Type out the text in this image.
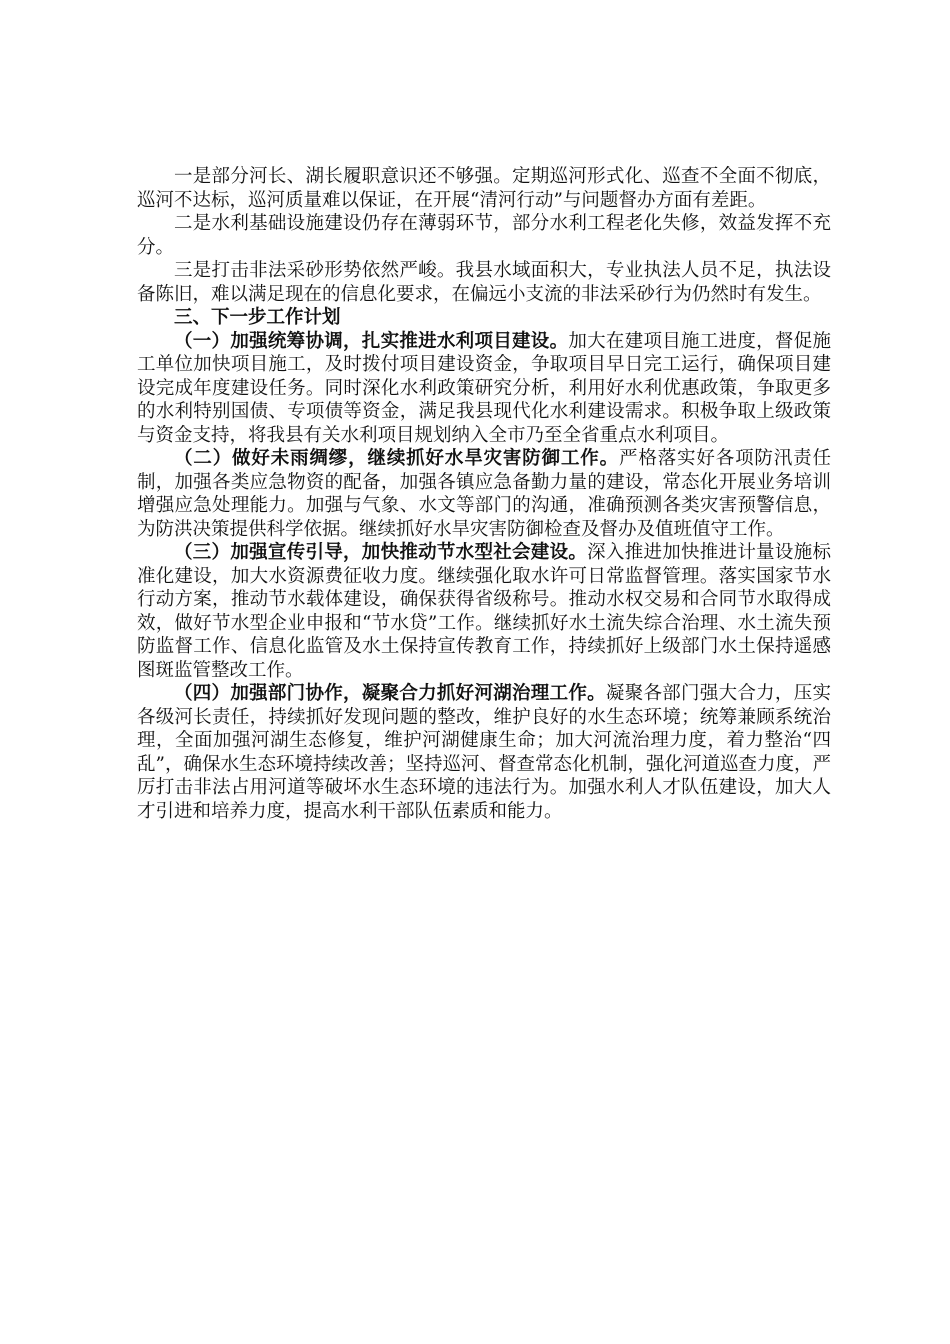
一是部分河长、湖长履职意识还不够强。定期巡河形式化、巡查不全面不彻底，巡河不达标，巡河质量难以保证，在开展“清河行动”与问题督办方面有差距。

二是水利基础设施建设仍存在薄弱环节，部分水利工程老化失修，效益发挥不充分。

三是打击非法采砂形势依然严峻。我县水域面积大，专业执法人员不足，执法设备陈旧，难以满足现在的信息化要求，在偏远小支流的非法采砂行为仍然时有发生。

三、下一步工作计划

（一）加强统筹协调，扎实推进水利项目建设。加大在建项目施工进度，督促施工单位加快项目施工，及时拨付项目建设资金，争取项目早日完工运行，确保项目建设完成年度建设任务。同时深化水利政策研究分析，利用好水利优惠政策，争取更多的水利特别国债、专项债等资金，满足我县现代化水利建设需求。积极争取上级政策与资金支持，将我县有关水利项目规划纳入全市乃至全省重点水利项目。

（二）做好未雨绸缪，继续抓好水旱灾害防御工作。严格落实好各项防汛责任制，加强各类应急物资的配备，加强各镇应急备勤力量的建设，常态化开展业务培训增强应急处理能力。加强与气象、水文等部门的沟通，准确预测各类灾害预警信息，为防洪决策提供科学依据。继续抓好水旱灾害防御检查及督办及值班值守工作。

（三）加强宣传引导，加快推动节水型社会建设。深入推进加快推进计量设施标准化建设，加大水资源费征收力度。继续强化取水许可日常监督管理。落实国家节水行动方案，推动节水载体建设，确保获得省级称号。推动水权交易和合同节水取得成效，做好节水型企业申报和“节水贷”工作。继续抓好水土流失综合治理、水土流失预防监督工作、信息化监管及水土保持宣传教育工作，持续抓好上级部门水土保持遥感图斑监管整改工作。

（四）加强部门协作，凝聚合力抓好河湖治理工作。凝聚各部门强大合力，压实各级河长责任，持续抓好发现问题的整改，维护良好的水生态环境；统筹兼顾系统治理，全面加强河湖生态修复，维护河湖健康生命；加大河流治理力度，着力整治“四乱”，确保水生态环境持续改善；坚持巡河、督查常态化机制，强化河道巡查力度，严厉打击非法占用河道等破坏水生态环境的违法行为。加强水利人才队伍建设，加大人才引进和培养力度，提高水利干部队伍素质和能力。
